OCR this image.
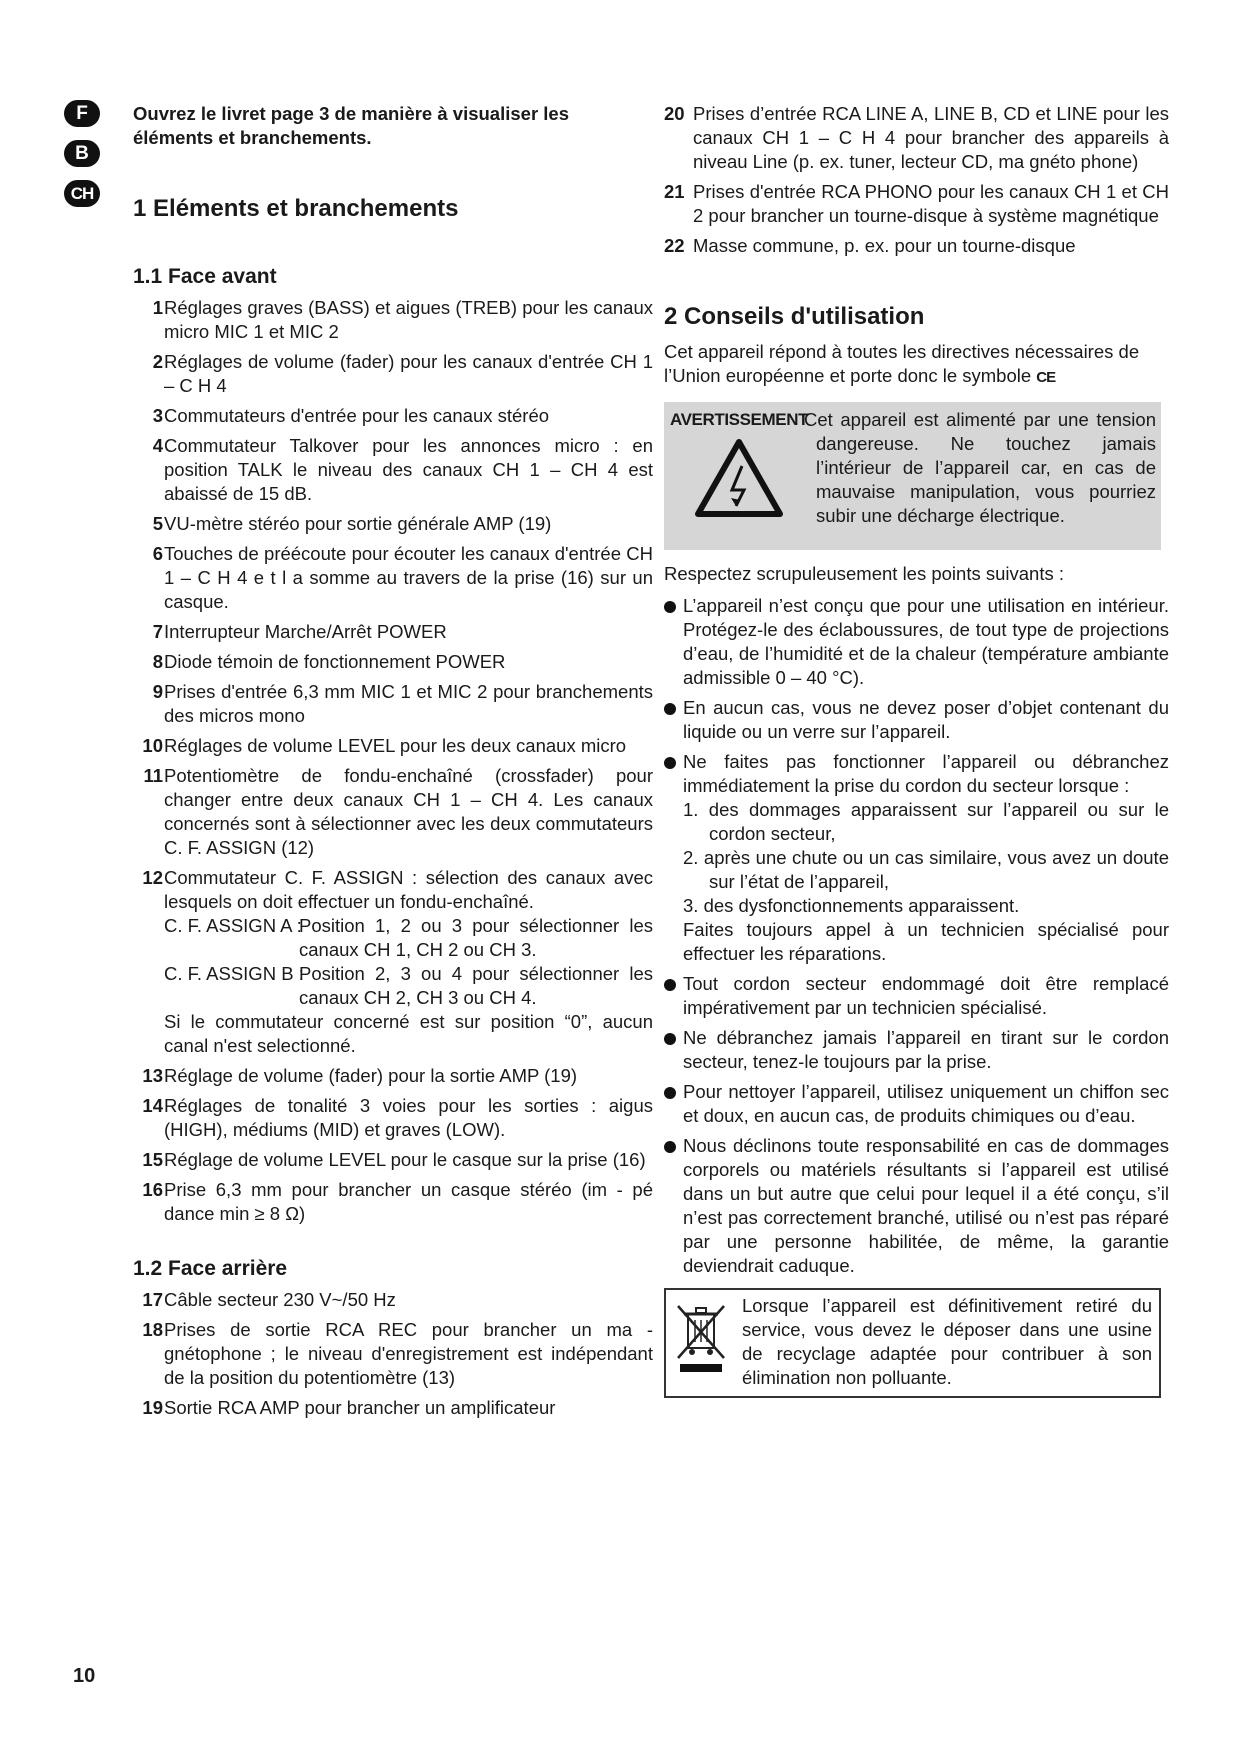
F
B
CH

Ouvrez le livret page 3 de manière à visualiser les éléments et branchements.

1 Eléments et branchements
1.1 Face avant
1 Réglages graves (BASS) et aigues (TREB) pour les canaux micro MIC 1 et MIC 2
2 Réglages de volume (fader) pour les canaux d'entrée CH 1 – C H 4
3 Commutateurs d'entrée pour les canaux stéréo
4 Commutateur Talkover pour les annonces micro : en position TALK le niveau des canaux CH 1 – CH 4 est abaissé de 15 dB.
5 VU-mètre stéréo pour sortie générale AMP (19)
6 Touches de préécoute pour écouter les canaux d'entrée CH 1 – C H 4 e t l a somme au travers de la prise (16) sur un casque.
7 Interrupteur Marche/Arrêt POWER
8 Diode témoin de fonctionnement POWER
9 Prises d'entrée 6,3 mm MIC 1 et MIC 2 pour branchements des micros mono
10 Réglages de volume LEVEL pour les deux canaux micro
11 Potentiomètre de fondu-enchaîné (crossfader) pour changer entre deux canaux CH 1 – CH 4. Les canaux concernés sont à sélectionner avec les deux commutateurs C. F. ASSIGN (12)
12 Commutateur C. F. ASSIGN : sélection des canaux avec lesquels on doit effectuer un fondu-enchaîné.
C. F. ASSIGN A :
Position 1, 2 ou 3 pour sélectionner les canaux CH 1, CH 2 ou CH 3.
C. F. ASSIGN B :
Position 2, 3 ou 4 pour sélectionner les canaux CH 2, CH 3 ou CH 4.
Si le commutateur concerné est sur position “0”, aucun canal n'est selectionné.
13 Réglage de volume (fader) pour la sortie AMP (19)
14 Réglages de tonalité 3 voies pour les sorties : aigus (HIGH), médiums (MID) et graves (LOW).
15 Réglage de volume LEVEL pour le casque sur la prise (16)
16 Prise 6,3 mm pour brancher un casque stéréo (im - pé dance min ≥ 8 Ω)
1.2 Face arrière
17 Câble secteur 230 V~/50 Hz
18 Prises de sortie RCA REC pour brancher un ma - gnétophone ; le niveau d'enregistrement est indépendant de la position du potentiomètre (13)
19 Sortie RCA AMP pour brancher un amplificateur
20 Prises d’entrée RCA LINE A, LINE B, CD et LINE pour les canaux CH 1 – C H 4 pour brancher des appareils à niveau Line (p. ex. tuner, lecteur CD, ma gnéto phone)
21 Prises d'entrée RCA PHONO pour les canaux CH 1 et CH 2 pour brancher un tourne-disque à système magnétique
22 Masse commune, p. ex. pour un tourne-disque
2 Conseils d'utilisation
Cet appareil répond à toutes les directives nécessaires de l’Union européenne et porte donc le symbole CE
AVERTISSEMENT
Cet appareil est alimenté par une tension dangereuse. Ne touchez jamais l’intérieur de l’appareil car, en cas de mauvaise manipulation, vous pourriez subir une décharge électrique.

Respectez scrupuleusement les points suivants :

L’appareil n’est conçu que pour une utilisation en intérieur. Protégez-le des éclaboussures, de tout type de projections d’eau, de l’humidité et de la chaleur (température ambiante admissible 0 – 40 °C).
En aucun cas, vous ne devez poser d’objet contenant du liquide ou un verre sur l’appareil.
Ne faites pas fonctionner l’appareil ou débranchez immédiatement la prise du cordon du secteur lorsque :
1. des dommages apparaissent sur l’appareil ou sur le cordon secteur,
2. après une chute ou un cas similaire, vous avez un doute sur l’état de l’appareil,
3. des dysfonctionnements apparaissent.
Faites toujours appel à un technicien spécialisé pour effectuer les réparations.
Tout cordon secteur endommagé doit être remplacé impérativement par un technicien spécialisé.
Ne débranchez jamais l’appareil en tirant sur le cordon secteur, tenez-le toujours par la prise.
Pour nettoyer l’appareil, utilisez uniquement un chiffon sec et doux, en aucun cas, de produits chimiques ou d’eau.
Nous déclinons toute responsabilité en cas de dommages corporels ou matériels résultants si l’appareil est utilisé dans un but autre que celui pour lequel il a été conçu, s’il n’est pas correctement branché, utilisé ou n’est pas réparé par une personne habilitée, de même, la garantie deviendrait caduque.
Lorsque l’appareil est définitivement retiré du service, vous devez le déposer dans une usine de recyclage adaptée pour contribuer à son élimination non polluante.
10
